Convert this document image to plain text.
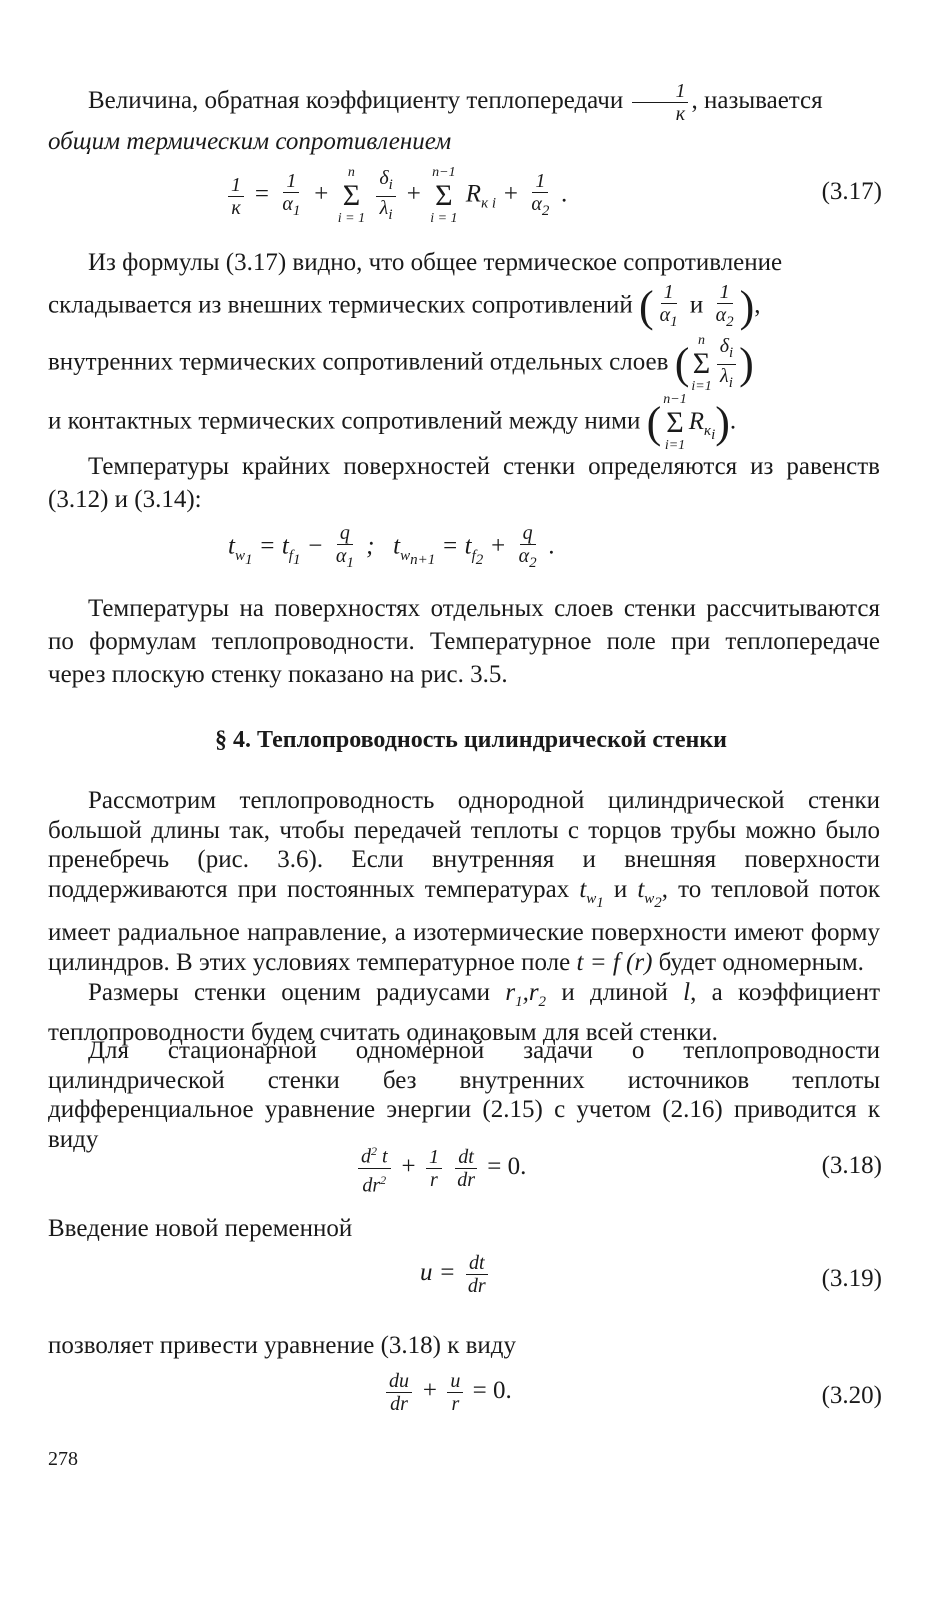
Величина, обратная коэффициенту теплопередачи $\frac{1}{к}$ , называется
общим термическим сопротивлением

$\frac{1}{к} = \frac{1}{\alpha_1}$ +
n
Σ
i = 1
$\frac{\delta_i}{\lambda_i}$ +
n−1
Σ
i = 1
$R_{к i} + \frac{1}{\alpha_2}$ .	(3.17)
Из формулы (3.17) видно, что общее термическое сопротивление
складывается из внешних термических сопротивлений ( $\frac{1}{\alpha_1}$ и $\frac{1}{\alpha_2}$ ),
внутренних термических сопротивлений отдельных слоев ( n
Σ
$i=1 \frac{\delta_i}{\lambda_i}$ )
и контактных термических сопротивлений между ними ( n−1
Σ
i=1
$R_{к_i}$).

Температуры крайних поверхностей стенки определяются из равенств (3.12) и (3.14):

$t_{w_1} = t_{f_1} - \frac{q}{\alpha_1}$ ;   $t_{w_{n+1}} = t_{f_2} + \frac{q}{\alpha_2}$ .

Температуры на поверхностях отдельных слоев стенки рассчитываются по формулам теплопроводности. Температурное поле при теплопередаче через плоскую стенку показано на рис. 3.5.

§ 4. Теплопроводность цилиндрической стенки

Рассмотрим теплопроводность однородной цилиндрической стенки большой длины так, чтобы передачей теплоты с торцов трубы можно было пренебречь (рис. 3.6). Если внутренняя и внешняя поверхности поддерживаются при постоянных температурах $t_{w_1}$ и $t_{w_2}$, то тепловой поток имеет радиальное направление, а изотермические поверхности имеют форму цилиндров. В этих условиях температурное поле t = f (r) будет одномерным.

Размеры стенки оценим радиусами $r_1,r_2$ и длиной l, а коэффициент теплопроводности будем считать одинаковым для всей стенки.

Для стационарной одномерной задачи о теплопроводности цилиндрической стенки без внутренних источников теплоты дифференциальное уравнение энергии (2.15) с учетом (2.16) приводится к виду

$\frac{d^2 t}{dr^2} + \frac{1}{r}$
$\frac{dt}{dr} = 0$.	(3.18)

Введение новой переменной

$u = \frac{dt}{dr}$	(3.19)

позволяет привести уравнение (3.18) к виду

$\frac{du}{dr} + \frac{u}{r} = 0$.	(3.20)
278
